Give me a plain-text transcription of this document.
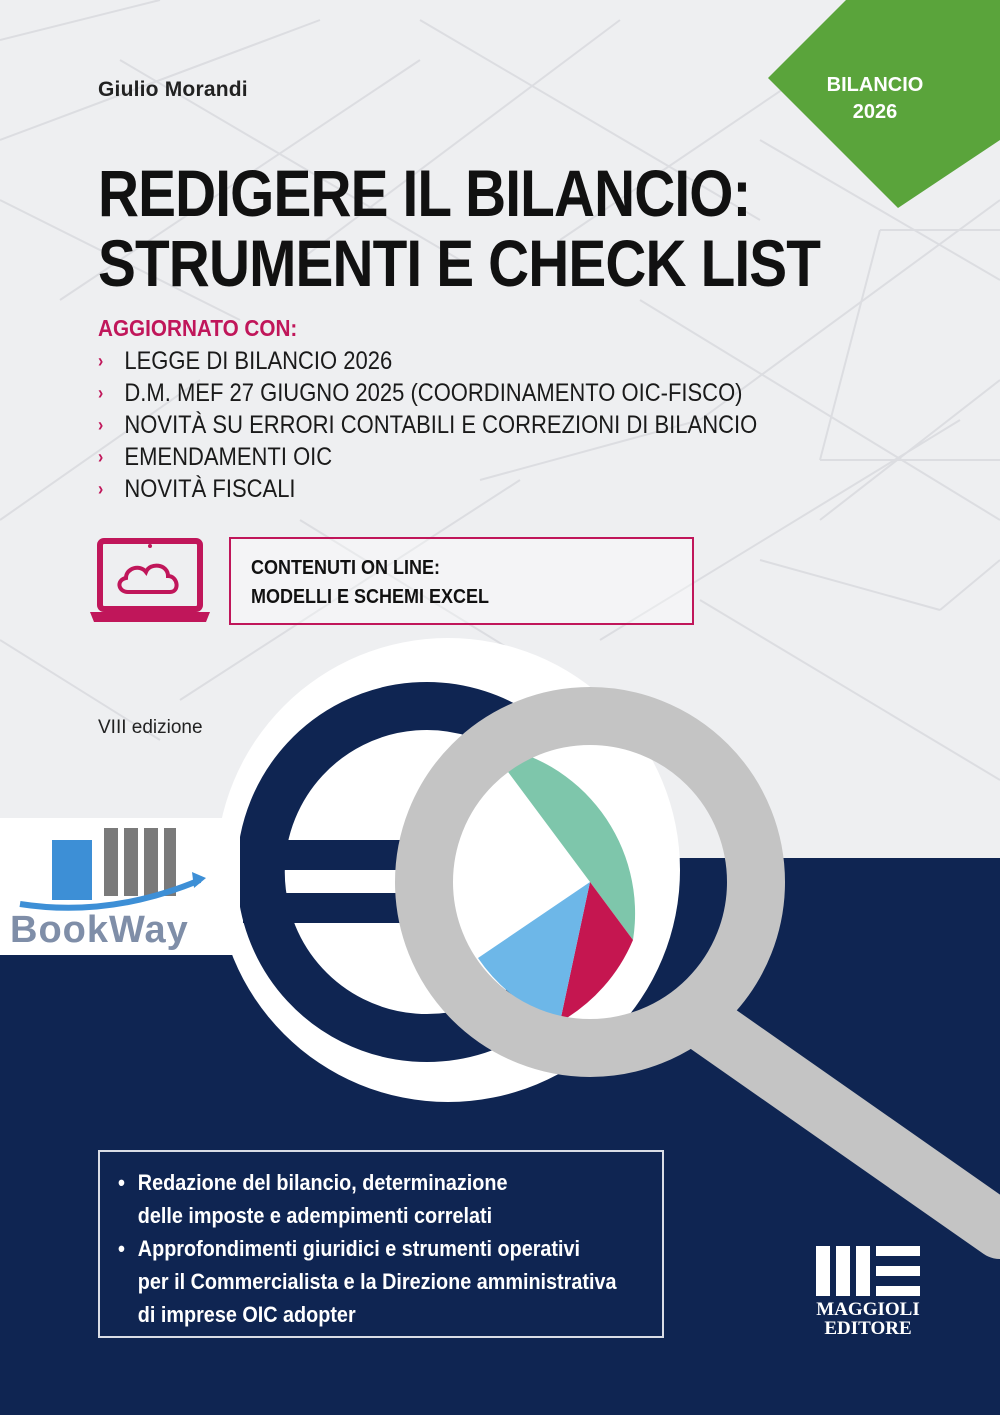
BILANCIO
2026
Giulio Morandi
REDIGERE IL BILANCIO:
STRUMENTI E CHECK LIST
AGGIORNATO CON:
› LEGGE DI BILANCIO 2026
› D.M. MEF 27 GIUGNO 2025 (COORDINAMENTO OIC-FISCO)
› NOVITÀ SU ERRORI CONTABILI E CORREZIONI DI BILANCIO
› EMENDAMENTI OIC
› NOVITÀ FISCALI
CONTENUTI ON LINE:
MODELLI E SCHEMI EXCEL
VIII edizione
BookWay
• Redazione del bilancio, determinazione
delle imposte e adempimenti correlati
• Approfondimenti giuridici e strumenti operativi
per il Commercialista e la Direzione amministrativa
di imprese OIC adopter	MAGGIOLI
EDITORE
